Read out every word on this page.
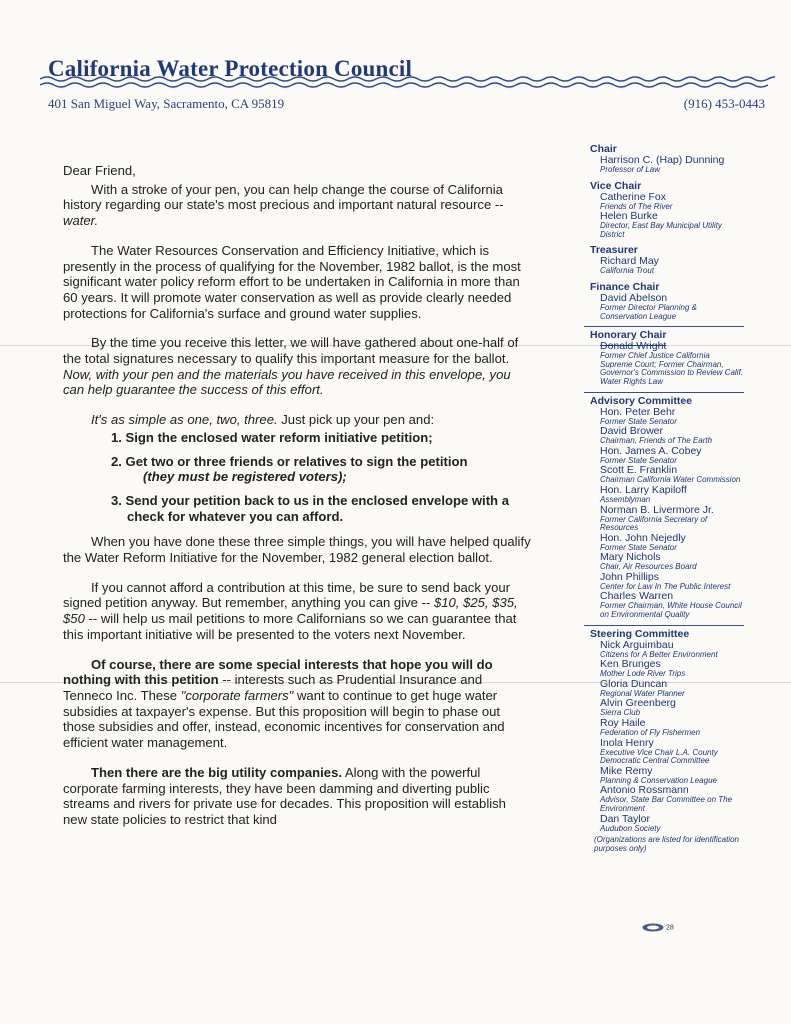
California Water Protection Council
401 San Miguel Way, Sacramento, CA 95819	(916) 453-0443

Dear Friend,

With a stroke of your pen, you can help change the course of California history regarding our state's most precious and important natural resource -- water.

The Water Resources Conservation and Efficiency Initiative, which is presently in the process of qualifying for the November, 1982 ballot, is the most significant water policy reform effort to be undertaken in California in more than 60 years. It will promote water conservation as well as provide clearly needed protections for California's surface and ground water supplies.

By the time you receive this letter, we will have gathered about one-half of the total signatures necessary to qualify this important measure for the ballot. Now, with your pen and the materials you have received in this envelope, you can help guarantee the success of this effort.

It's as simple as one, two, three. Just pick up your pen and:

1. Sign the enclosed water reform initiative petition;
2. Get two or three friends or relatives to sign the petition
(they must be registered voters);
3. Send your petition back to us in the enclosed envelope with a check for whatever you can afford.

When you have done these three simple things, you will have helped qualify the Water Reform Initiative for the November, 1982 general election ballot.

If you cannot afford a contribution at this time, be sure to send back your signed petition anyway. But remember, anything you can give -- $10, $25, $35, $50 -- will help us mail petitions to more Californians so we can guarantee that this important initiative will be presented to the voters next November.

Of course, there are some special interests that hope you will do nothing with this petition -- interests such as Prudential Insurance and Tenneco Inc. These "corporate farmers" want to continue to get huge water subsidies at taxpayer's expense. But this proposition will begin to phase out those subsidies and offer, instead, economic incentives for conservation and efficient water management.

Then there are the big utility companies. Along with the powerful corporate farming interests, they have been damming and diverting public streams and rivers for private use for decades. This proposition will establish new state policies to restrict that kind

Chair
Harrison C. (Hap) Dunning
Professor of Law
Vice Chair
Catherine Fox
Friends of The River
Helen Burke
Director, East Bay Municipal Utility District
Treasurer
Richard May
California Trout
Finance Chair
David Abelson
Former Director Planning & Conservation League
Honorary Chair
Donald Wright
Former Chief Justice California Supreme Court; Former Chairman, Governor's Commission to Review Calif. Water Rights Law
Advisory Committee
Hon. Peter Behr
Former State Senator
David Brower
Chairman, Friends of The Earth
Hon. James A. Cobey
Former State Senator
Scott E. Franklin
Chairman California Water Commission
Hon. Larry Kapiloff
Assemblyman
Norman B. Livermore Jr.
Former California Secretary of Resources
Hon. John Nejedly
Former State Senator
Mary Nichols
Chair, Air Resources Board
John Phillips
Center for Law In The Public Interest
Charles Warren
Former Chairman, White House Council on Environmental Quality
Steering Committee
Nick Arguimbau
Citizens for A Better Environment
Ken Brunges
Mother Lode River Trips
Gloria Duncan
Regional Water Planner
Alvin Greenberg
Sierra Club
Roy Haile
Federation of Fly Fishermen
Inola Henry
Executive Vice Chair L.A. County Democratic Central Committee
Mike Remy
Planning & Conservation League
Antonio Rossmann
Advisor, State Bar Committee on The Environment
Dan Taylor
Audubon Society
(Organizations are listed for identification purposes only)
28
